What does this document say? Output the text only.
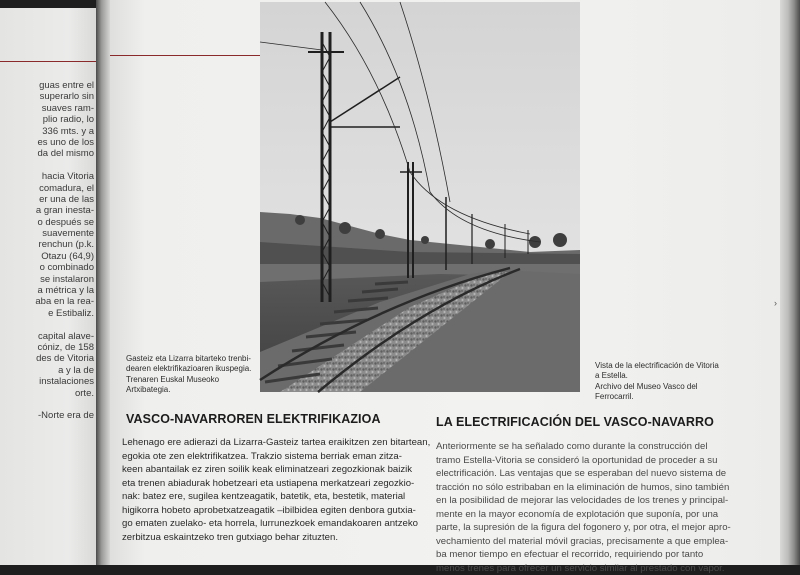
guas entre el
superarlo sin
suaves ram-
plio radio, lo
336 mts. y a
es uno de los
da del mismo

hacia Vitoria
comadura, el
er una de las
a gran inesta-
o después se
suavemente
renchun (p.k.
Otazu (64,9)
o combinado
se instalaron
a métrica y la
aba en la rea-
e Estibaliz.

capital alave-
cóniz, de 158
des de Vitoria
a y la de
instalaciones
orte.

-Norte era de
Gasteiz eta Lizarra bitarteko trenbi-
dearen elektrifikazioaren ikuspegia.
Trenaren Euskal Museoko
Artxibategia.
Vista de la electrificación de Vitoria
a Estella.
Archivo del Museo Vasco del
Ferrocarril.
VASCO-NAVARROREN ELEKTRIFIKAZIOA	LA ELECTRIFICACIÓN DEL VASCO-NAVARRO
Lehenago ere adierazi da Lizarra-Gasteiz tartea eraikitzen zen bitartean,
egokia ote zen elektrifikatzea. Trakzio sistema berriak eman zitza-
keen abantailak ez ziren soilik keak eliminatzeari zegozkionak baizik
eta trenen abiadurak hobetzeari eta ustiapena merkatzeari zegozkio-
nak: batez ere, sugilea kentzeagatik, batetik, eta, bestetik, material
higikorra hobeto aprobetxatzeagatik –ibilbidea egiten denbora gutxia-
go ematen zuelako- eta horrela, lurrunezkoek emandakoaren antzeko
zerbitzua eskaintzeko tren gutxiago behar zituzten.
Anteriormente se ha señalado como durante la construcción del
tramo Estella-Vitoria se consideró la oportunidad de proceder a su
electrificación. Las ventajas que se esperaban del nuevo sistema de
tracción no sólo estribaban en la eliminación de humos, sino también
en la posibilidad de mejorar las velocidades de los trenes y principal-
mente en la mayor economía de explotación que suponía, por una
parte, la supresión de la figura del fogonero y, por otra, el mejor apro-
vechamiento del material móvil gracias, precisamente a que emplea-
ba menor tiempo en efectuar el recorrido, requiriendo por tanto
menos trenes para ofrecer un servicio similar al prestado con vapor.
›
